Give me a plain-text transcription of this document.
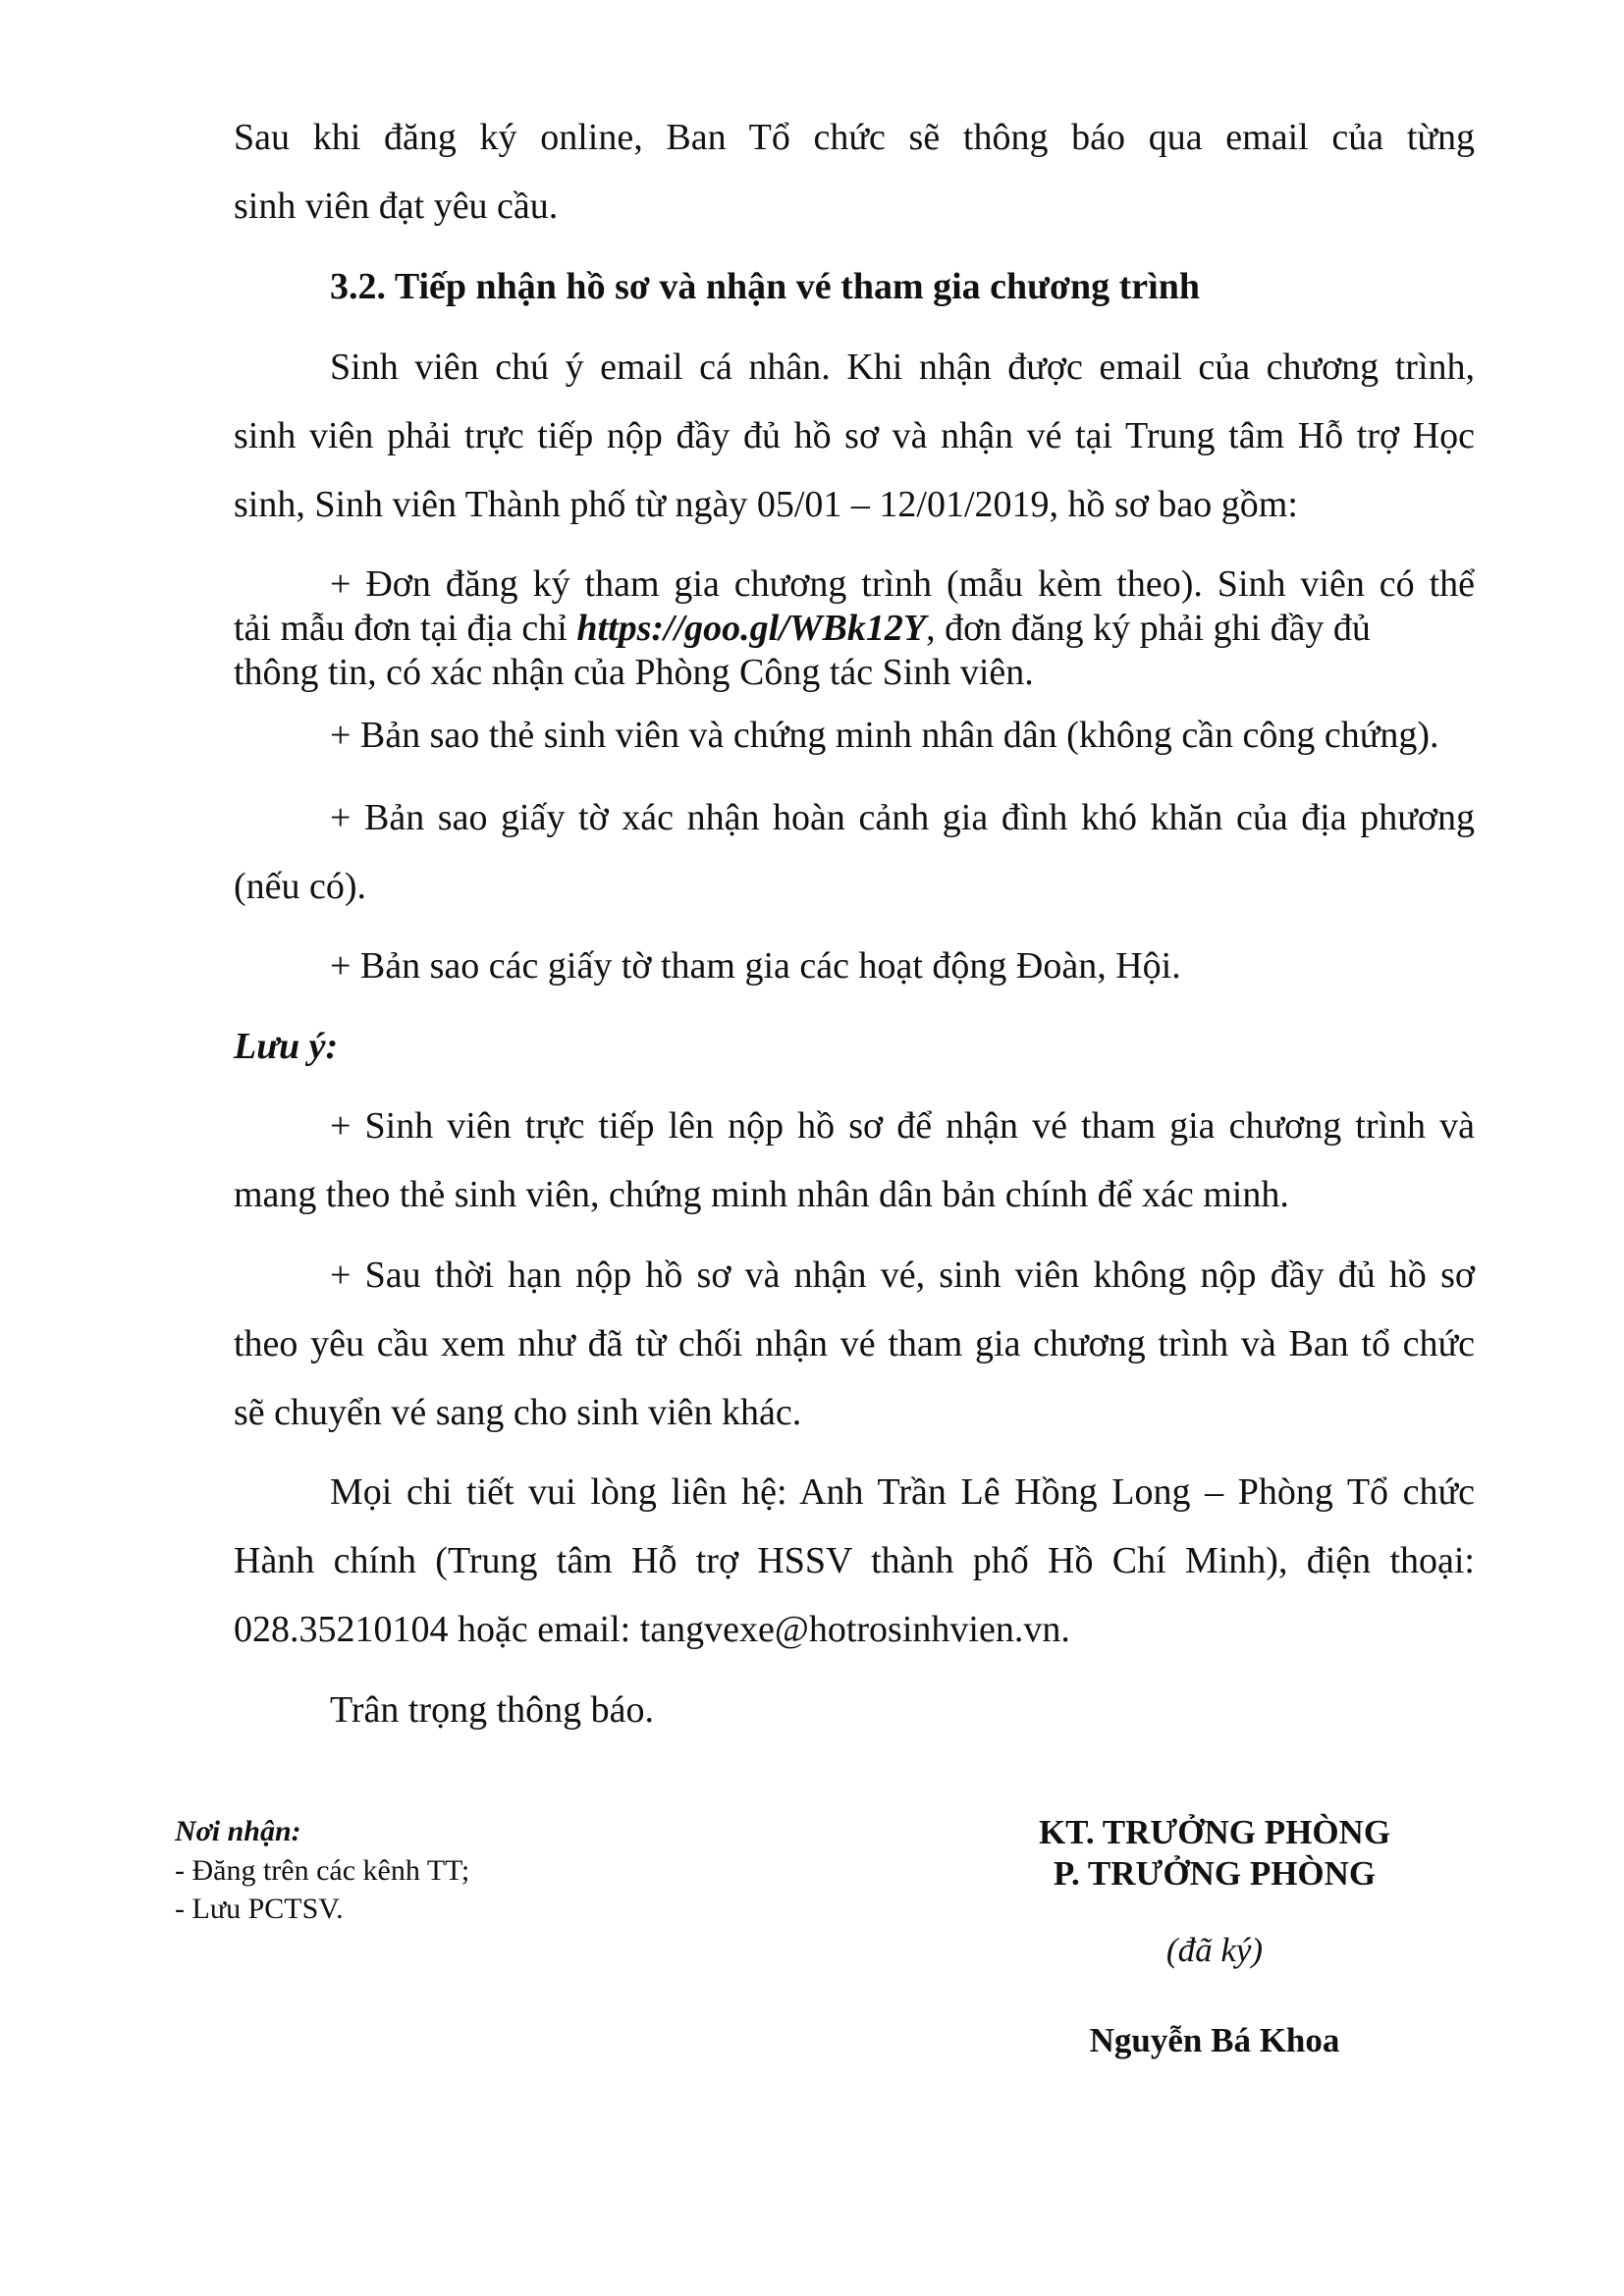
Sau khi đăng ký online, Ban Tổ chức sẽ thông báo qua email của từng
sinh viên đạt yêu cầu.
3.2. Tiếp nhận hồ sơ và nhận vé tham gia chương trình
Sinh viên chú ý email cá nhân. Khi nhận được email của chương trình,
sinh viên phải trực tiếp nộp đầy đủ hồ sơ và nhận vé tại Trung tâm Hỗ trợ Học
sinh, Sinh viên Thành phố từ ngày 05/01 – 12/01/2019, hồ sơ bao gồm:
+ Đơn đăng ký tham gia chương trình (mẫu kèm theo). Sinh viên có thể
tải mẫu đơn tại địa chỉ https://goo.gl/WBk12Y, đơn đăng ký phải ghi đầy đủ
thông tin, có xác nhận của Phòng Công tác Sinh viên.
+ Bản sao thẻ sinh viên và chứng minh nhân dân (không cần công chứng).
+ Bản sao giấy tờ xác nhận hoàn cảnh gia đình khó khăn của địa phương
(nếu có).
+ Bản sao các giấy tờ tham gia các hoạt động Đoàn, Hội.
Lưu ý:
+ Sinh viên trực tiếp lên nộp hồ sơ để nhận vé tham gia chương trình và
mang theo thẻ sinh viên, chứng minh nhân dân bản chính để xác minh.
+ Sau thời hạn nộp hồ sơ và nhận vé, sinh viên không nộp đầy đủ hồ sơ
theo yêu cầu xem như đã từ chối nhận vé tham gia chương trình và Ban tổ chức
sẽ chuyển vé sang cho sinh viên khác.
Mọi chi tiết vui lòng liên hệ: Anh Trần Lê Hồng Long – Phòng Tổ chức
Hành chính (Trung tâm Hỗ trợ HSSV thành phố Hồ Chí Minh), điện thoại:
028.35210104 hoặc email: tangvexe@hotrosinhvien.vn.
Trân trọng thông báo.
Nơi nhận:
- Đăng trên các kênh TT;
- Lưu PCTSV.
KT. TRƯỞNG PHÒNG
P. TRƯỞNG PHÒNG
(đã ký)
Nguyễn Bá Khoa
